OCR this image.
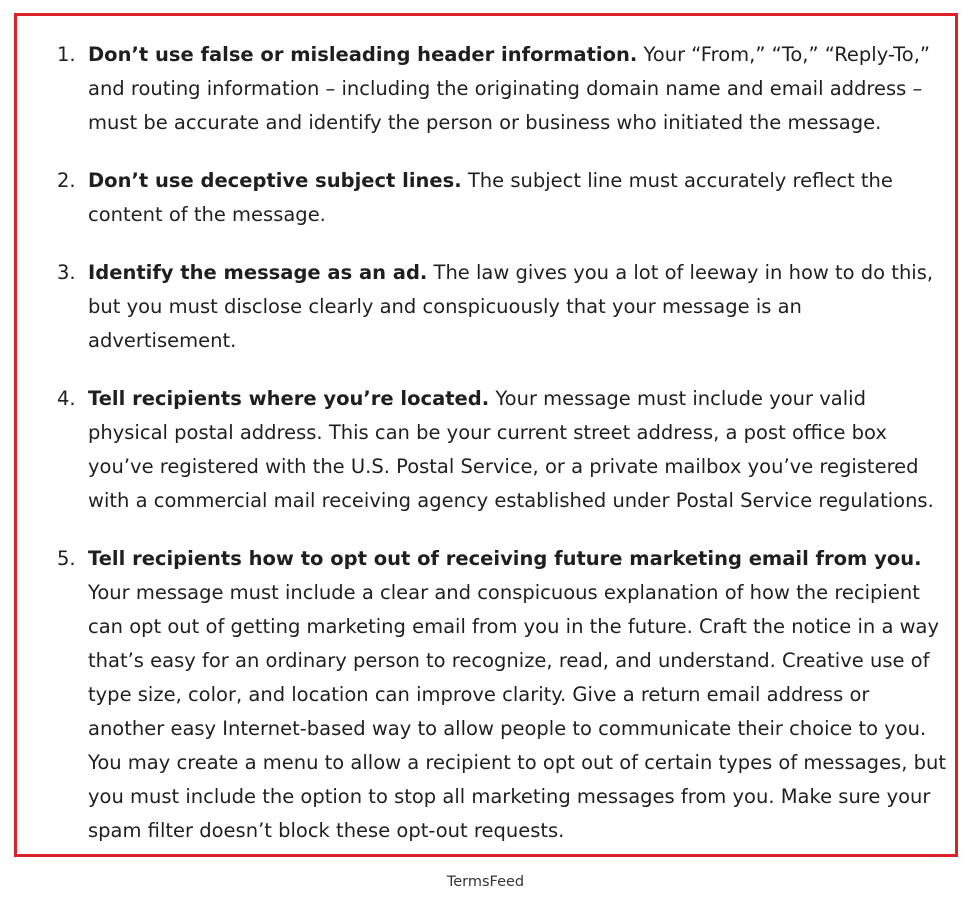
1. Don’t use false or misleading header information. Your “From,” “To,” “Reply-To,” and routing information – including the originating domain name and email address – must be accurate and identify the person or business who initiated the message.
2. Don’t use deceptive subject lines. The subject line must accurately reflect the content of the message.
3. Identify the message as an ad. The law gives you a lot of leeway in how to do this, but you must disclose clearly and conspicuously that your message is an advertisement.
4. Tell recipients where you’re located. Your message must include your valid physical postal address. This can be your current street address, a post office box you’ve registered with the U.S. Postal Service, or a private mailbox you’ve registered with a commercial mail receiving agency established under Postal Service regulations.
5. Tell recipients how to opt out of receiving future marketing email from you. Your message must include a clear and conspicuous explanation of how the recipient can opt out of getting marketing email from you in the future. Craft the notice in a way that’s easy for an ordinary person to recognize, read, and understand. Creative use of type size, color, and location can improve clarity. Give a return email address or another easy Internet-based way to allow people to communicate their choice to you. You may create a menu to allow a recipient to opt out of certain types of messages, but you must include the option to stop all marketing messages from you. Make sure your spam filter doesn’t block these opt-out requests.
TermsFeed
